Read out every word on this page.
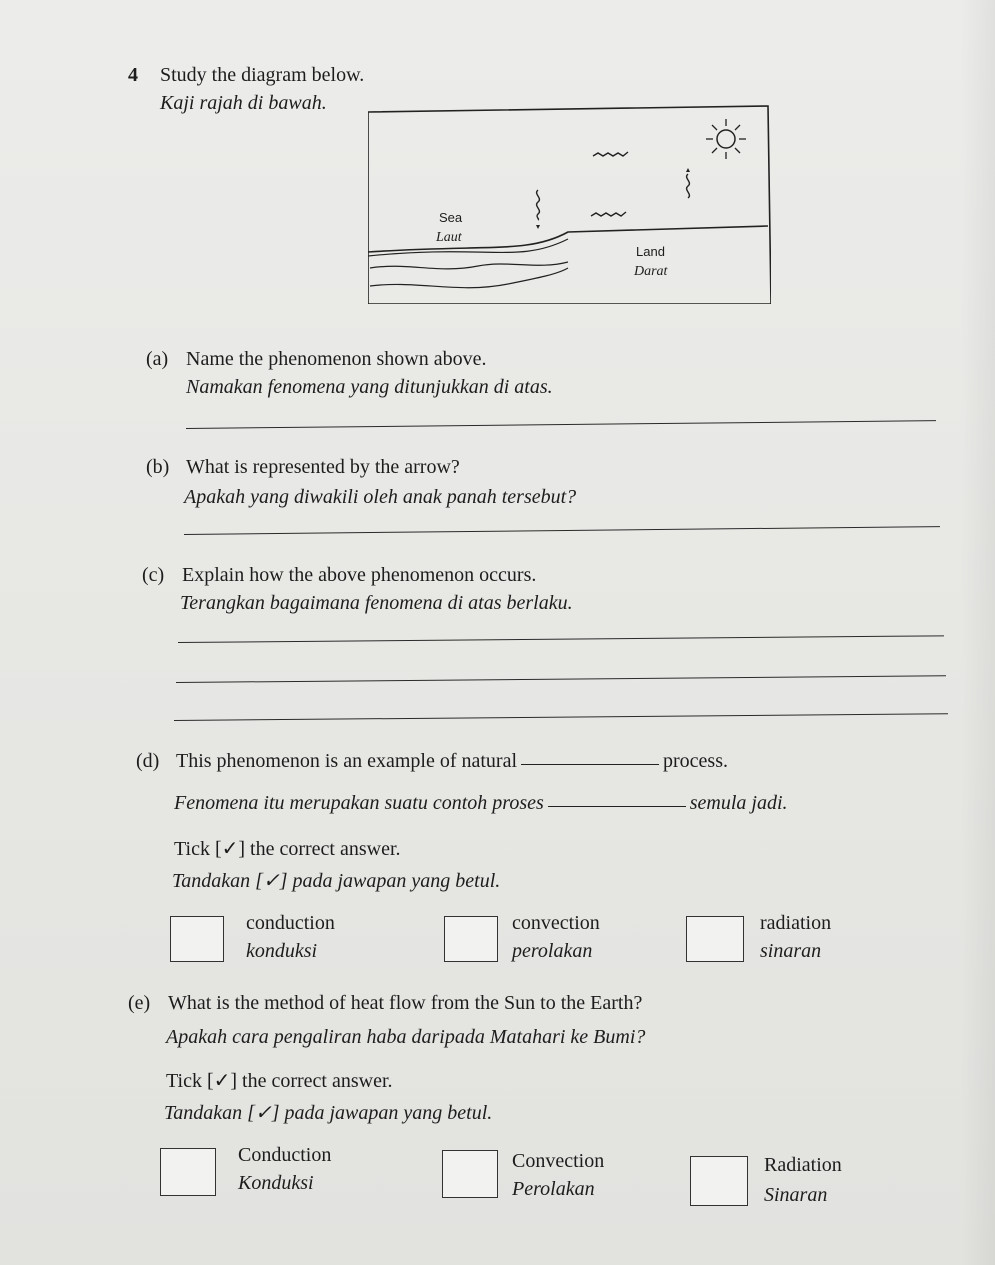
4 Study the diagram below.
Kaji rajah di bawah.
Sea
Laut
Land
Darat
(a) Name the phenomenon shown above.
Namakan fenomena yang ditunjukkan di atas.
(b) What is represented by the arrow?
Apakah yang diwakili oleh anak panah tersebut?
(c) Explain how the above phenomenon occurs.
Terangkan bagaimana fenomena di atas berlaku.
(d) This phenomenon is an example of natural	process.
Fenomena itu merupakan suatu contoh proses	semula jadi.
Tick [✓] the correct answer.
Tandakan [✓] pada jawapan yang betul.
conduction
konduksi
convection
perolakan
radiation
sinaran
(e) What is the method of heat flow from the Sun to the Earth?
Apakah cara pengaliran haba daripada Matahari ke Bumi?
Tick [✓] the correct answer.
Tandakan [✓] pada jawapan yang betul.
Conduction
Konduksi
Convection
Perolakan
Radiation
Sinaran
